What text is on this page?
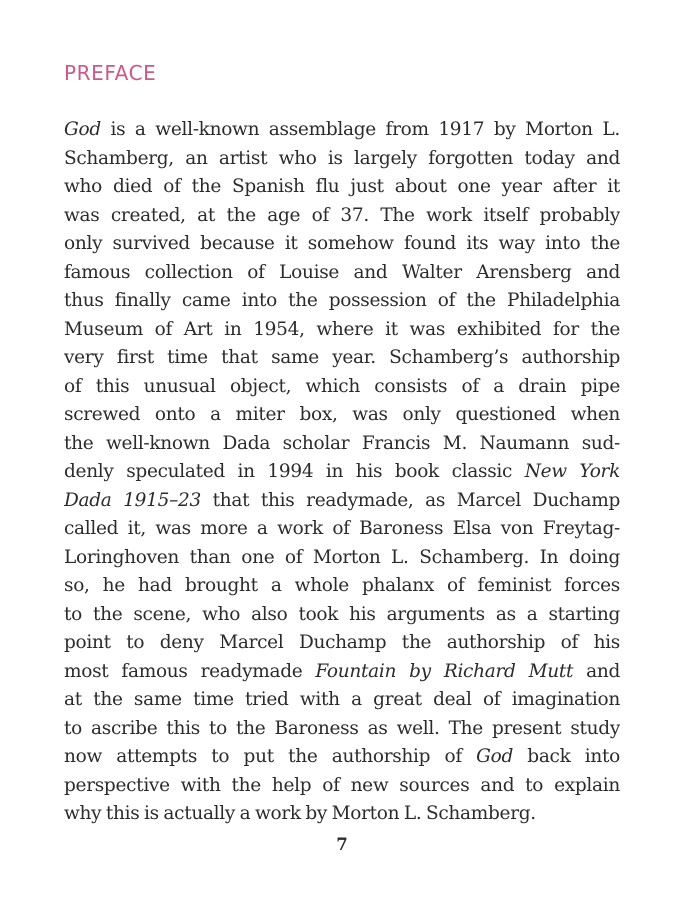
PREFACE
God is a well-known assemblage from 1917 by Morton L.
Schamberg, an artist who is largely forgotten today and
who died of the Spanish flu just about one year after it
was created, at the age of 37. The work itself probably
only survived because it somehow found its way into the
famous collection of Louise and Walter Arensberg and
thus finally came into the possession of the Philadelphia
Museum of Art in 1954, where it was exhibited for the
very first time that same year. Schamberg’s authorship
of this unusual object, which consists of a drain pipe
screwed onto a miter box, was only questioned when
the well-known Dada scholar Francis M. Naumann sud-
denly speculated in 1994 in his book classic New York
Dada 1915–23 that this readymade, as Marcel Duchamp
called it, was more a work of Baroness Elsa von Freytag-
Loringhoven than one of Morton L. Schamberg. In doing
so, he had brought a whole phalanx of feminist forces
to the scene, who also took his arguments as a starting
point to deny Marcel Duchamp the authorship of his
most famous readymade Fountain by Richard Mutt and
at the same time tried with a great deal of imagination
to ascribe this to the Baroness as well. The present study
now attempts to put the authorship of God back into
perspective with the help of new sources and to explain
why this is actually a work by Morton L. Schamberg.
7
